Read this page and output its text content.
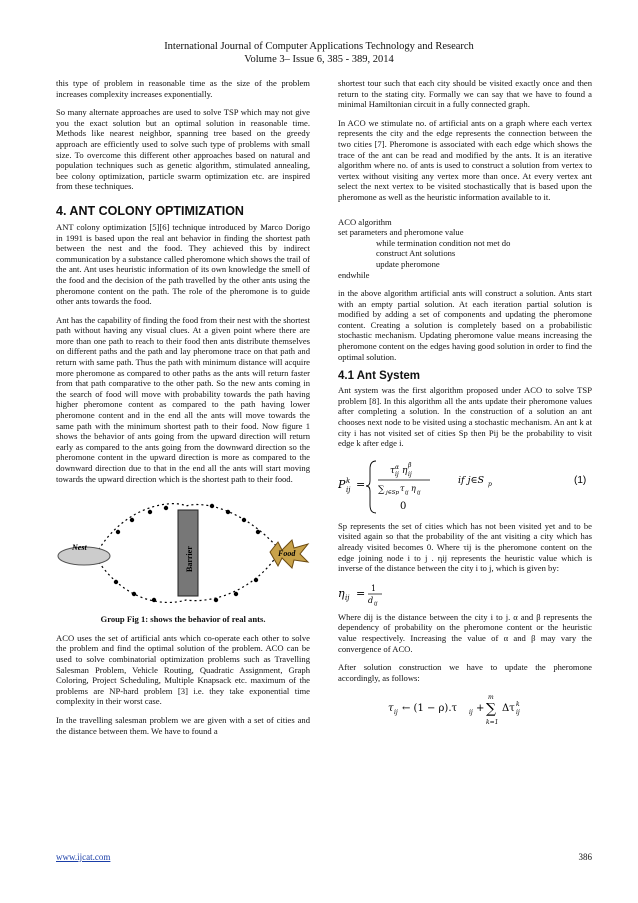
International Journal of Computer Applications Technology and Research
Volume 3– Issue 6, 385 - 389, 2014

this type of problem in reasonable time as the size of the problem increases complexity increases exponentially.

So many alternate approaches are used to solve TSP which may not give you the exact solution but an optimal solution in reasonable time. Methods like nearest neighbor, spanning tree based on the greedy approach are efficiently used to solve such type of problems with small size. To overcome this different other approaches based on natural and population techniques such as genetic algorithm, stimulated annealing, bee colony optimization, particle swarm optimization etc. are inspired from these techniques.

4. ANT COLONY OPTIMIZATION

ANT colony optimization [5][6] technique introduced by Marco Dorigo in 1991 is based upon the real ant behavior in finding the shortest path between the nest and the food. They achieved this by indirect communication by a substance called pheromone which shows the trail of the ant. Ant uses heuristic information of its own knowledge the smell of the food and the decision of the path travelled by the other ants using the pheromone content on the path. The role of the pheromone is to guide other ants towards the food.

Ant has the capability of finding the food from their nest with the shortest path without having any visual clues. At a given point where there are more than one path to reach to their food then ants distribute themselves on different paths and the path and lay pheromone trace on that path and return with same path. Thus the path with minimum distance will acquire more pheromone as compared to other paths as the ants will return faster from that path comparative to the other path. So the new ants coming in the search of food will move with probability towards the path having higher pheromone content as compared to the path having lower pheromone content and in the end all the ants will move towards the same path with the minimum shortest path to their food. Now figure 1 shows the behavior of ants going from the upward direction will return early as compared to the ants going from the downward direction so the pheromone content in the upward direction is more as compared to the downward direction due to that in the end all the ants will start moving towards the upward direction which is the shortest path to their food.

Nest	Barrier	Food
Group Fig 1: shows the behavior of real ants.

ACO uses the set of artificial ants which co-operate each other to solve the problem and find the optimal solution of the problem. ACO can be used to solve combinatorial optimization problems such as Travelling Salesman Problem, Vehicle Routing, Quadratic Assignment, Graph Coloring, Project Scheduling, Multiple Knapsack etc. maximum of the problems are NP-hard problem [3] i.e. they take exponential time complexity in their worst case.

In the travelling salesman problem we are given with a set of cities and the distance between them. We have to found a

shortest tour such that each city should be visited exactly once and then return to the stating city. Formally we can say that we have to found a minimal Hamiltonian circuit in a fully connected graph.

In ACO we stimulate no. of artificial ants on a graph where each vertex represents the city and the edge represents the connection between the two cities [7]. Pheromone is associated with each edge which shows the trace of the ant can be read and modified by the ants. It is an iterative algorithm where no. of ants is used to construct a solution from vertex to vertex without visiting any vertex more than once. At every vertex ant select the next vertex to be visited stochastically that is based upon the pheromone as well as the heuristic information available to it.

ACO algorithm
set parameters and pheromone value
while termination condition not met do
construct Ant solutions
update pheromone
endwhile

in the above algorithm artificial ants will construct a solution. Ants start with an empty partial solution. At each iteration partial solution is modified by adding a set of components and updating the pheromone content. Creating a solution is completely based on a probabilistic stochastic mechanism. Updating pheromone value means increasing the pheromone content on the edges having good solution in order to find the optimal solution.

4.1 Ant System

Ant system was the first algorithm proposed under ACO to solve TSP problem [8]. In this algorithm all the ants update their pheromone values after completing a solution. In the construction of a solution an ant chooses next node to be visited using a stochastic mechanism. An ant k at city i has not visited set of cities Sp then Pij be the probability to visit edge k after edge i.

P k
ij =
τ α
ij η
β
ij
∑ j∈Sp τ ij η ij
0
if j∈S p	(1)

Sp represents the set of cities which has not been visited yet and to be visited again so that the probability of the ant visiting a city which has already visited becomes 0. Where τij is the pheromone content on the edge joining node i to j . ηij represents the heuristic value which is inverse of the distance between the city i to j, which is given by:

η ij = 1
d ij

Where dij is the distance between the city i to j. α and β represents the dependency of probability on the pheromone content or the heuristic value respectively. Increasing the value of α and β may vary the convergence of ACO.

After solution construction we have to update the pheromone accordingly, as follows:

τ ij ← (1 − ρ).τ ij +
m
∑
k=1
Δτ k
ij
www.ijcat.com	386
